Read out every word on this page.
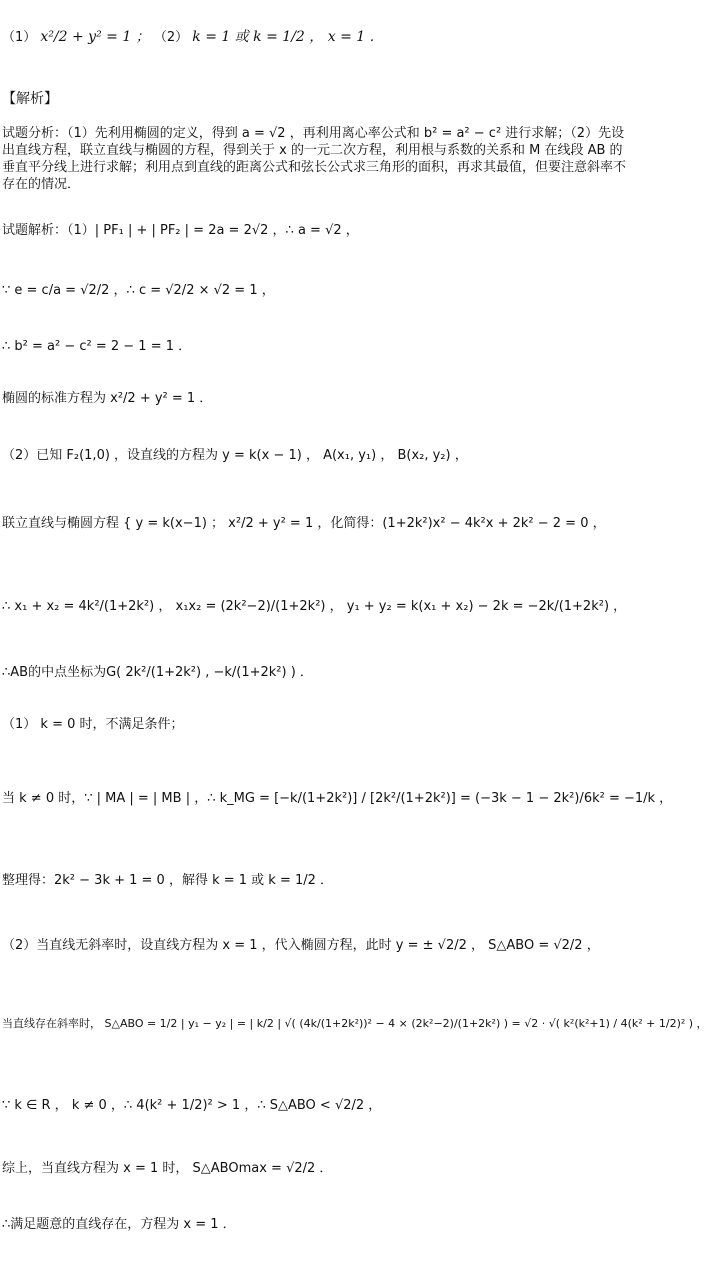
（1） x²/2 + y² = 1 ； （2） k = 1 或 k = 1/2 ， x = 1 ．
【解析】
试题分析：（1）先利用椭圆的定义，得到 a = √2 ，再利用离心率公式和 b² = a² − c² 进行求解；（2）先设出直线方程，联立直线与椭圆的方程，得到关于 x 的一元二次方程，利用根与系数的关系和 M 在线段 AB 的垂直平分线上进行求解；利用点到直线的距离公式和弦长公式求三角形的面积，再求其最值，但要注意斜率不存在的情况．
试题解析：（1）| PF₁ | + | PF₂ | = 2a = 2√2 ，∴ a = √2 ，
∵ e = c/a = √2/2 ，∴ c = √2/2 × √2 = 1 ，
∴ b² = a² − c² = 2 − 1 = 1 ．
椭圆的标准方程为 x²/2 + y² = 1 ．
（2）已知 F₂(1,0) ，设直线的方程为 y = k(x − 1) ， A(x₁, y₁) ， B(x₂, y₂) ，
联立直线与椭圆方程 { y = k(x−1) ； x²/2 + y² = 1 ，化简得：(1+2k²)x² − 4k²x + 2k² − 2 = 0 ，
∴ x₁ + x₂ = 4k²/(1+2k²) ， x₁x₂ = (2k²−2)/(1+2k²) ， y₁ + y₂ = k(x₁ + x₂) − 2k = −2k/(1+2k²) ，
∴AB的中点坐标为G( 2k²/(1+2k²) , −k/(1+2k²) ) ．
（1） k = 0 时，不满足条件；
当 k ≠ 0 时，∵ | MA | = | MB | ，∴ k_MG = [−k/(1+2k²)] / [2k²/(1+2k²)] = (−3k − 1 − 2k²)/6k² = −1/k ，
整理得：2k² − 3k + 1 = 0 ，解得 k = 1 或 k = 1/2 ．
（2）当直线无斜率时，设直线方程为 x = 1 ，代入椭圆方程，此时 y = ± √2/2 ， S△ABO = √2/2 ，
当直线存在斜率时， S△ABO = 1/2 | y₁ − y₂ | = | k/2 | √( (4k/(1+2k²))² − 4 × (2k²−2)/(1+2k²) ) = √2 · √( k²(k²+1) / 4(k² + 1/2)² ) ，
∵ k ∈ R ， k ≠ 0 ，∴ 4(k² + 1/2)² > 1 ，∴ S△ABO < √2/2 ，
综上，当直线方程为 x = 1 时， S△ABOmax = √2/2 ．
∴满足题意的直线存在，方程为 x = 1 ．
